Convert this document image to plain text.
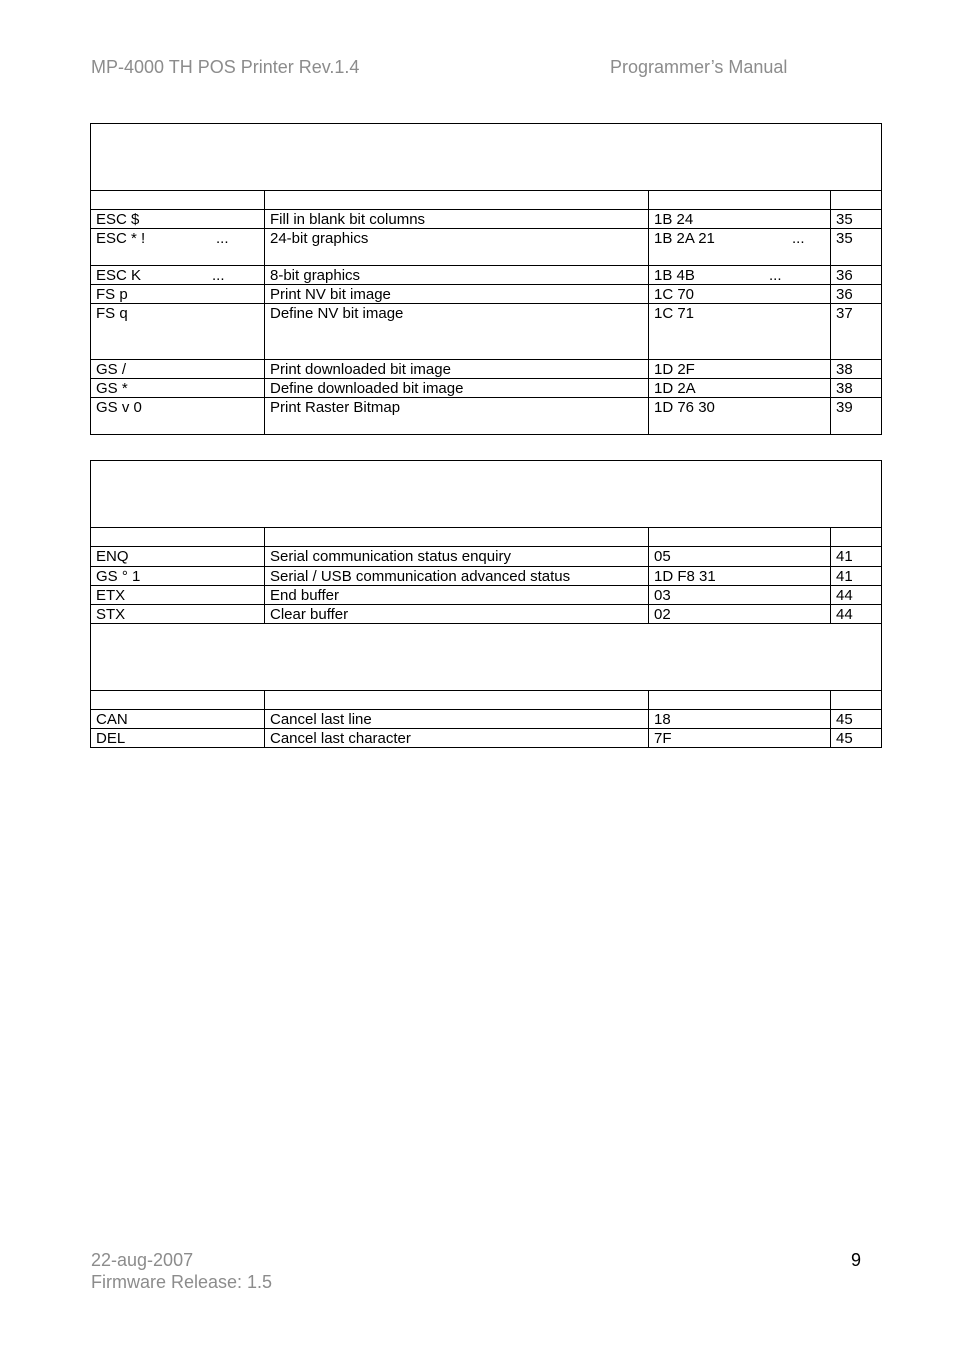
MP-4000 TH POS Printer Rev.1.4	Programmer’s Manual

ESC $	Fill in blank bit columns	1B 24	35
ESC * ! ...	24-bit graphics	1B 2A 21 ...	35
ESC K ...	8-bit graphics	1B 4B ...	36
FS p	Print NV bit image	1C 70	36
FS q	Define NV bit image	1C 71	37
GS /	Print downloaded bit image	1D 2F	38
GS *	Define downloaded bit image	1D 2A	38
GS v 0	Print Raster Bitmap	1D 76 30	39

ENQ	Serial communication status enquiry	05	41
GS ° 1	Serial / USB communication advanced status	1D F8 31	41
ETX	End buffer	03	44
STX	Clear buffer	02	44

CAN	Cancel last line	18	45
DEL	Cancel last character	7F	45
22-aug-2007
Firmware Release: 1.5
9
